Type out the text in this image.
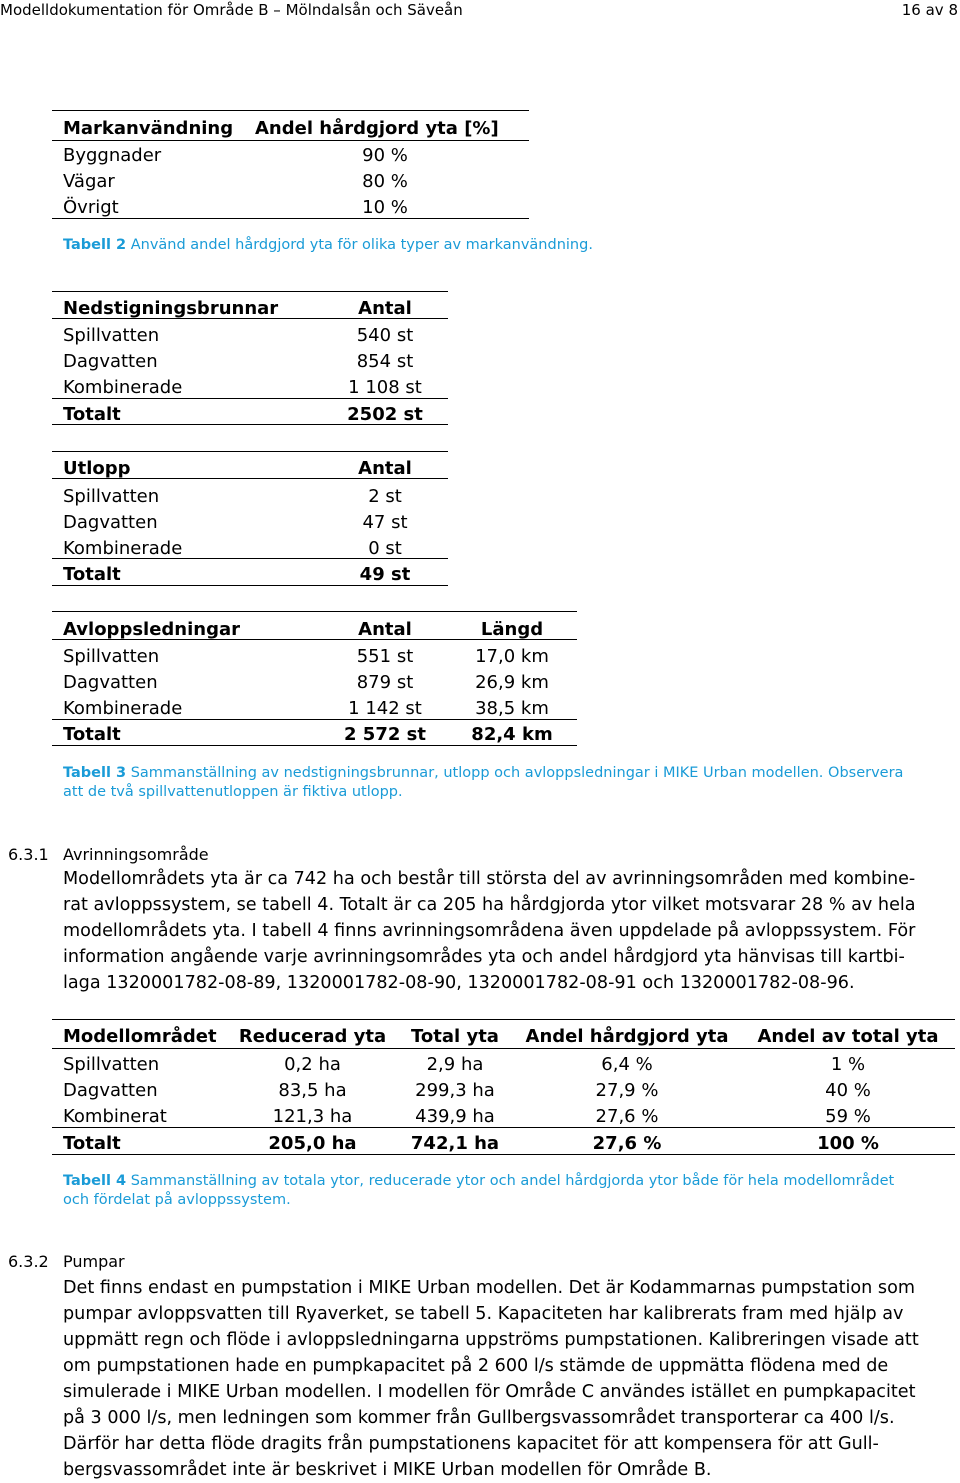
Modelldokumentation för Område B – Mölndalsån och Säveån	16 av 8
Markanvändning Andel hårdgjord yta [%]
Byggnader	90 %
Vägar	80 %
Övrigt	10 %
Tabell 2 Använd andel hårdgjord yta för olika typer av markanvändning.
Nedstigningsbrunnar	Antal
Spillvatten	540 st
Dagvatten	854 st
Kombinerade	1 108 st
Totalt	2502 st
Utlopp	Antal
Spillvatten	2 st
Dagvatten	47 st
Kombinerade	0 st
Totalt	49 st
Avloppsledningar	Antal	Längd
Spillvatten	551 st	17,0 km
Dagvatten	879 st	26,9 km
Kombinerade	1 142 st	38,5 km
Totalt	2 572 st	82,4 km
Tabell 3 Sammanställning av nedstigningsbrunnar, utlopp och avloppsledningar i MIKE Urban modellen. Observera
att de två spillvattenutloppen är fiktiva utlopp.
6.3.1 Avrinningsområde
Modellområdets yta är ca 742 ha och består till största del av avrinningsområden med kombine-
rat avloppssystem, se tabell 4. Totalt är ca 205 ha hårdgjorda ytor vilket motsvarar 28 % av hela
modellområdets yta. I tabell 4 finns avrinningsområdena även uppdelade på avloppssystem. För
information angående varje avrinningsområdes yta och andel hårdgjord yta hänvisas till kartbi-
laga 1320001782-08-89, 1320001782-08-90, 1320001782-08-91 och 1320001782-08-96.
Modellområdet	Reducerad yta	Total yta	Andel hårdgjord yta	Andel av total yta
Spillvatten	0,2 ha	2,9 ha	6,4 %	1 %
Dagvatten	83,5 ha	299,3 ha	27,9 %	40 %
Kombinerat	121,3 ha	439,9 ha	27,6 %	59 %
Totalt	205,0 ha	742,1 ha	27,6 %	100 %
Tabell 4 Sammanställning av totala ytor, reducerade ytor och andel hårdgjorda ytor både för hela modellområdet
och fördelat på avloppssystem.
6.3.2 Pumpar
Det finns endast en pumpstation i MIKE Urban modellen. Det är Kodammarnas pumpstation som
pumpar avloppsvatten till Ryaverket, se tabell 5. Kapaciteten har kalibrerats fram med hjälp av
uppmätt regn och flöde i avloppsledningarna uppströms pumpstationen. Kalibreringen visade att
om pumpstationen hade en pumpkapacitet på 2 600 l/s stämde de uppmätta flödena med de
simulerade i MIKE Urban modellen. I modellen för Område C användes istället en pumpkapacitet
på 3 000 l/s, men ledningen som kommer från Gullbergsvassområdet transporterar ca 400 l/s.
Därför har detta flöde dragits från pumpstationens kapacitet för att kompensera för att Gull-
bergsvassområdet inte är beskrivet i MIKE Urban modellen för Område B.
